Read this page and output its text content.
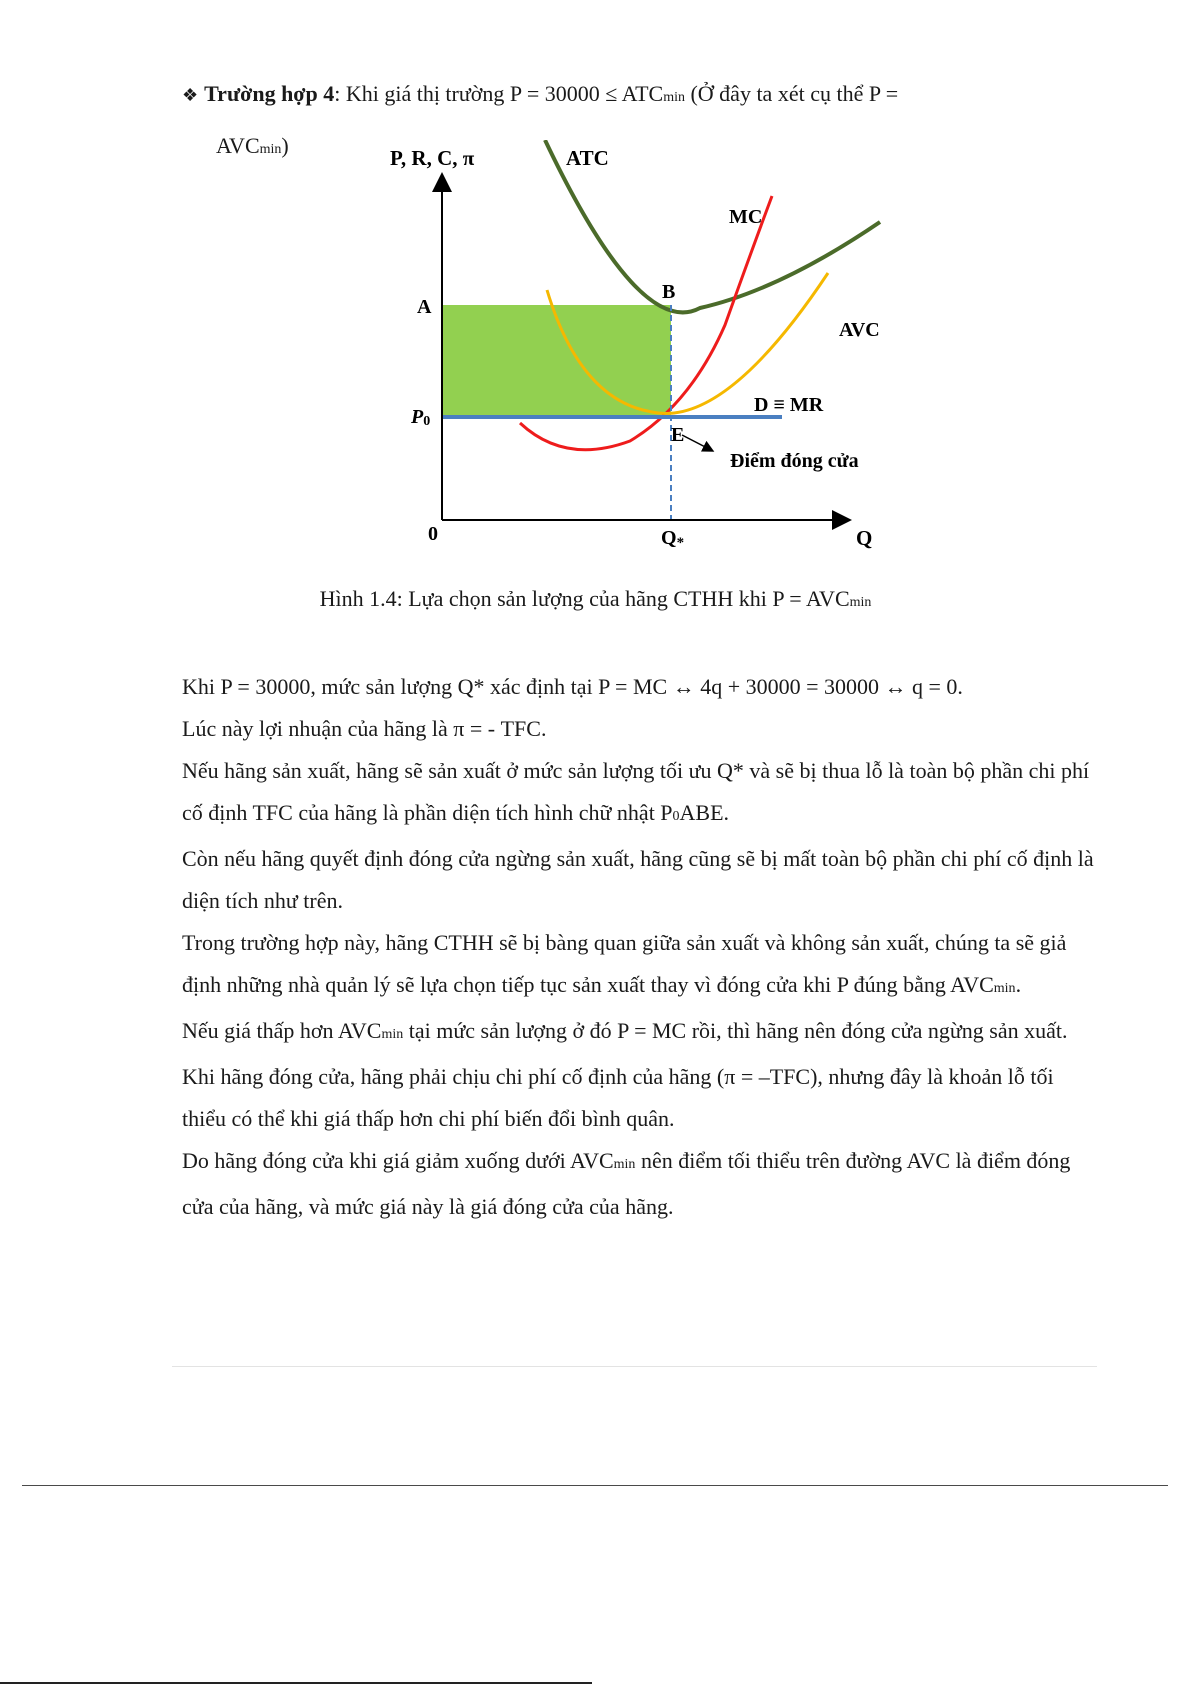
❖ Trường hợp 4: Khi giá thị trường P = 30000 ≤ ATCmin (Ở đây ta xét cụ thể P =
AVCmin)	P, R, C, π	ATC
MC
AVC
D ≡ MR
A
B
P0
E
Điểm đóng cửa
0	Q*	Q
Hình 1.4: Lựa chọn sản lượng của hãng CTHH khi P = AVCmin

Khi P = 30000, mức sản lượng Q* xác định tại P = MC ↔ 4q + 30000 = 30000 ↔ q = 0.

Lúc này lợi nhuận của hãng là π = - TFC.

Nếu hãng sản xuất, hãng sẽ sản xuất ở mức sản lượng tối ưu Q* và sẽ bị thua lỗ là toàn bộ phần chi phí cố định TFC của hãng là phần diện tích hình chữ nhật P0ABE.

Còn nếu hãng quyết định đóng cửa ngừng sản xuất, hãng cũng sẽ bị mất toàn bộ phần chi phí cố định là diện tích như trên.

Trong trường hợp này, hãng CTHH sẽ bị bàng quan giữa sản xuất và không sản xuất, chúng ta sẽ giả định những nhà quản lý sẽ lựa chọn tiếp tục sản xuất thay vì đóng cửa khi P đúng bằng AVCmin.

Nếu giá thấp hơn AVCmin tại mức sản lượng ở đó P = MC rồi, thì hãng nên đóng cửa ngừng sản xuất. Khi hãng đóng cửa, hãng phải chịu chi phí cố định của hãng (π = –TFC), nhưng đây là khoản lỗ tối thiểu có thể khi giá thấp hơn chi phí biến đổi bình quân.

Do hãng đóng cửa khi giá giảm xuống dưới AVCmin nên điểm tối thiểu trên đường AVC là điểm đóng cửa của hãng, và mức giá này là giá đóng cửa của hãng.
